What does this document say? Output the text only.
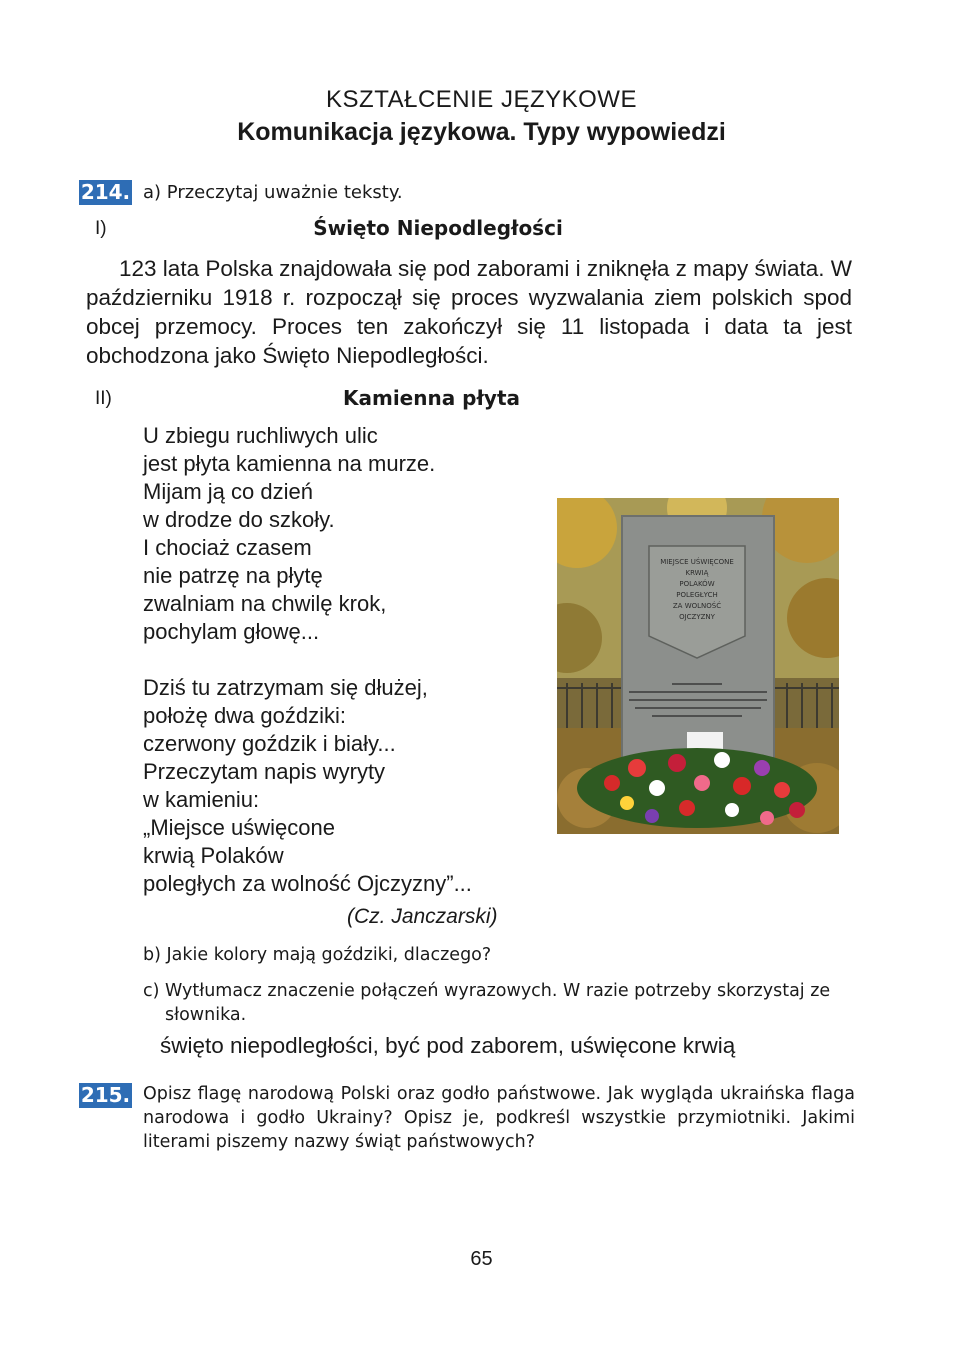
KSZTAŁCENIE JĘZYKOWE
Komunikacja językowa. Typy wypowiedzi
214. a) Przeczytaj uważnie teksty.
I)	Święto Niepodległości
123 lata Polska znajdowała się pod zaborami i zniknęła z mapy świata. W październiku 1918 r. rozpoczął się proces wyzwalania ziem polskich spod obcej przemocy. Proces ten zakończył się 11 listopada i data ta jest obchodzona jako Święto Niepodległości.
II)	Kamienna płyta
U zbiegu ruchliwych ulic
jest płyta kamienna na murze.
Mijam ją co dzień
w drodze do szkoły.
I chociaż czasem
nie patrzę na płytę
zwalniam na chwilę krok,
pochylam głowę...
Dziś tu zatrzymam się dłużej,
położę dwa goździki:
czerwony goździk i biały...
Przeczytam napis wyryty
w kamieniu:
„Miejsce uświęcone
krwią Polaków
poległych za wolność Ojczyzny”...
(Cz. Janczarski)
MIEJSCE UŚWIĘCONE
KRWIĄ
POLAKÓW
POLEGŁYCH
ZA WOLNOŚĆ
OJCZYZNY
b) Jakie kolory mają goździki, dlaczego?
c) Wytłumacz znaczenie połączeń wyrazowych. W razie potrzeby skorzystaj ze słownika.
święto niepodległości, być pod zaborem, uświęcone krwią
215. Opisz flagę narodową Polski oraz godło państwowe. Jak wygląda ukraińska flaga narodowa i godło Ukrainy? Opisz je, podkreśl wszystkie przymiotniki. Jakimi literami piszemy nazwy świąt państwowych?
65
